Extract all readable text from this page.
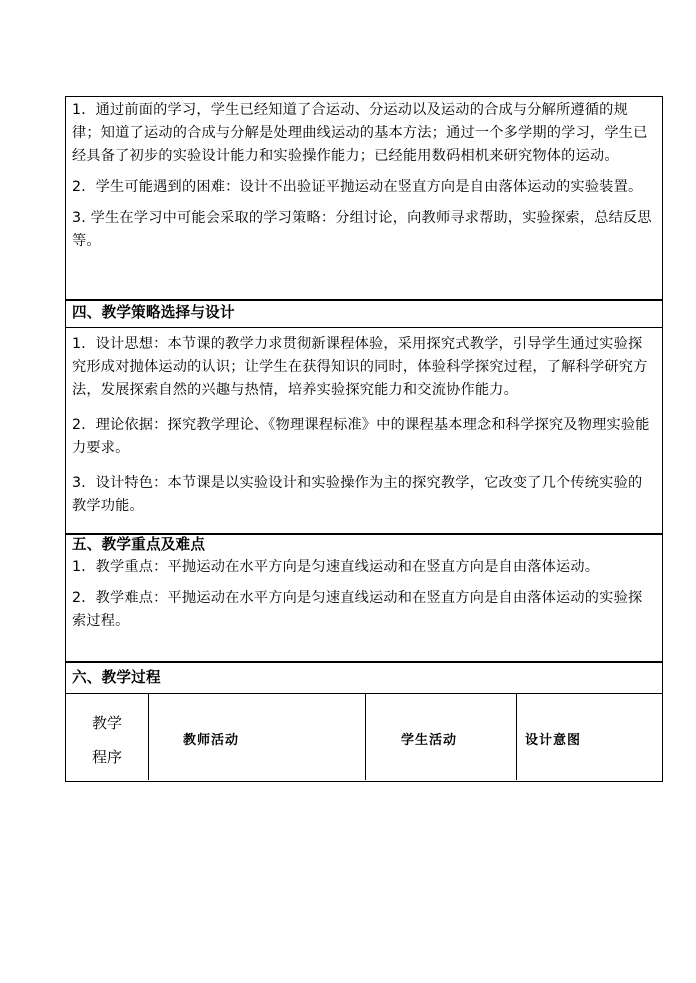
1．通过前面的学习，学生已经知道了合运动、分运动以及运动的合成与分解所遵循的规律；知道了运动的合成与分解是处理曲线运动的基本方法；通过一个多学期的学习，学生已经具备了初步的实验设计能力和实验操作能力；已经能用数码相机来研究物体的运动。

2．学生可能遇到的困难：设计不出验证平抛运动在竖直方向是自由落体运动的实验装置。

3. 学生在学习中可能会采取的学习策略：分组讨论，向教师寻求帮助，实验探索，总结反思等。

四、教学策略选择与设计

1．设计思想：本节课的教学力求贯彻新课程体验，采用探究式教学，引导学生通过实验探究形成对抛体运动的认识；让学生在获得知识的同时，体验科学探究过程，了解科学研究方法，发展探索自然的兴趣与热情，培养实验探究能力和交流协作能力。

2．理论依据：探究教学理论、《物理课程标准》中的课程基本理念和科学探究及物理实验能力要求。

3．设计特色：本节课是以实验设计和实验操作为主的探究教学，它改变了几个传统实验的教学功能。

五、教学重点及难点

1．教学重点：平抛运动在水平方向是匀速直线运动和在竖直方向是自由落体运动。

2．教学难点：平抛运动在水平方向是匀速直线运动和在竖直方向是自由落体运动的实验探索过程。

六、教学过程

教学
程序
教师活动	学生活动	设计意图
